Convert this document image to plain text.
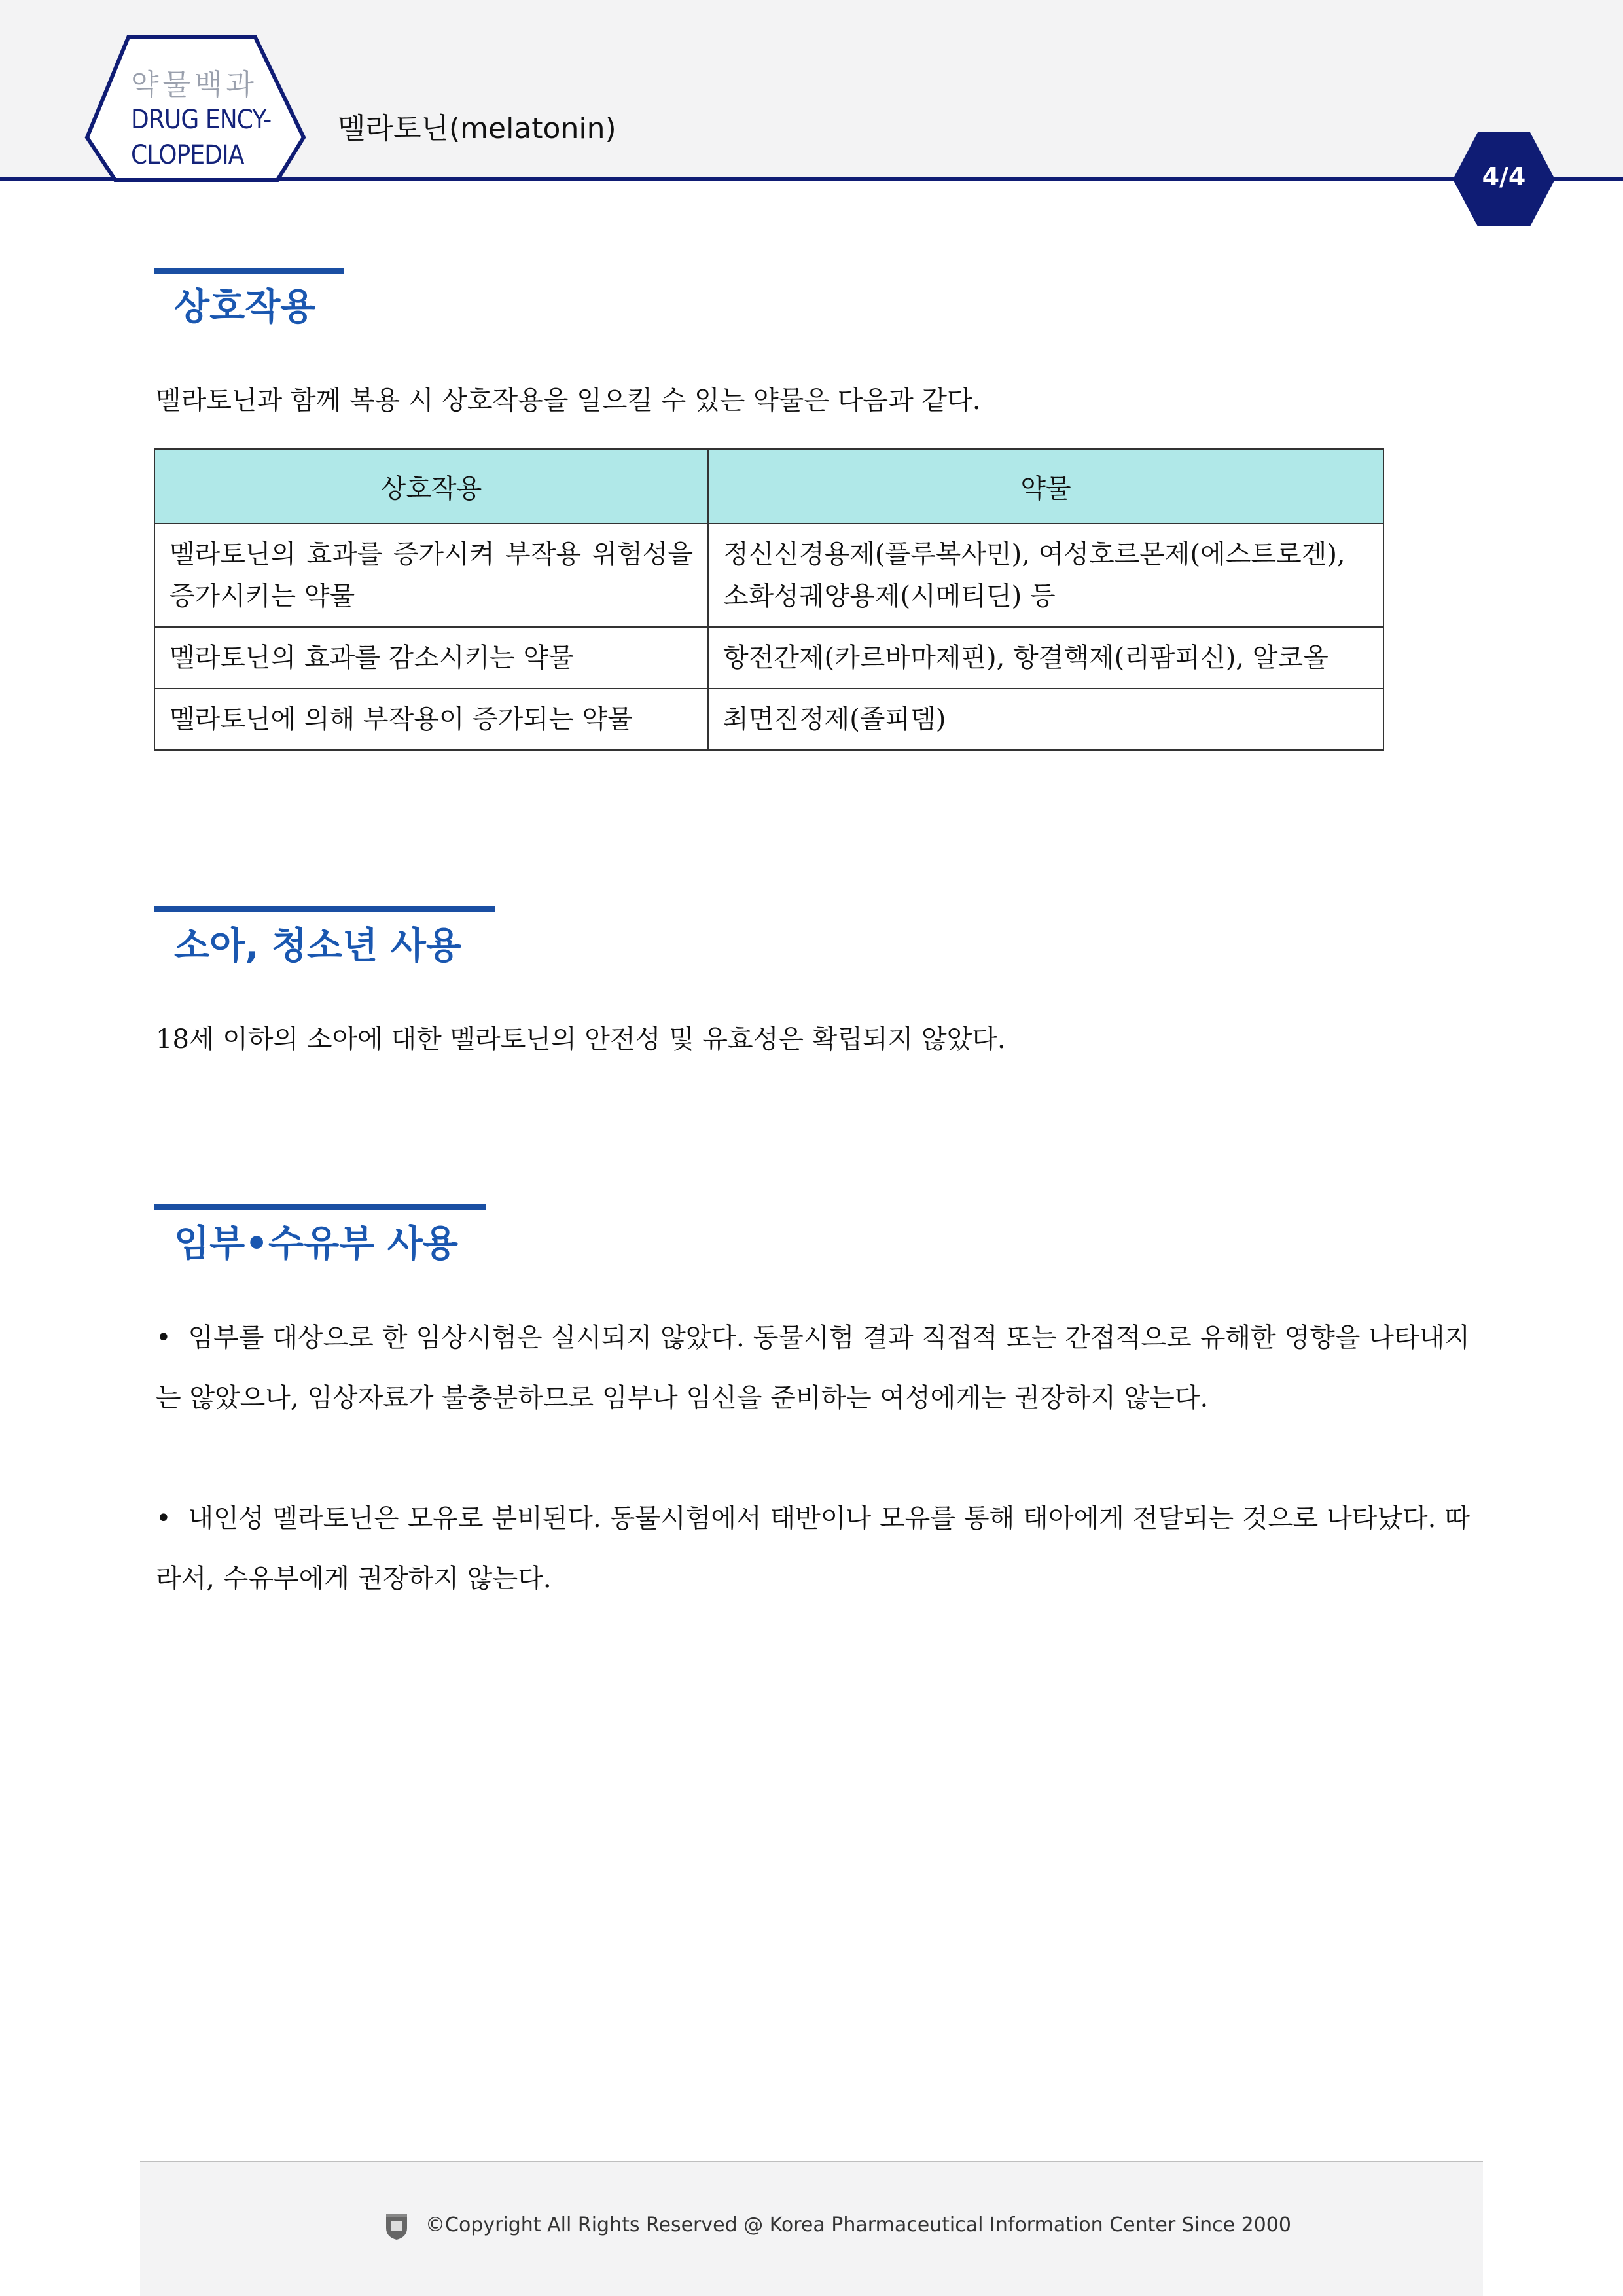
약물백과
DRUG ENCY-
CLOPEDIA
멜라토닌(melatonin)
4/4
상호작용
멜라토닌과 함께 복용 시 상호작용을 일으킬 수 있는 약물은 다음과 같다.
상호작용	약물
멜라토닌의 효과를 증가시켜 부작용 위험성을 증가시키는 약물	정신신경용제(플루복사민), 여성호르몬제(에스트로겐), 소화성궤양용제(시메티딘) 등
멜라토닌의 효과를 감소시키는 약물	항전간제(카르바마제핀), 항결핵제(리팜피신), 알코올
멜라토닌에 의해 부작용이 증가되는 약물	최면진정제(졸피뎀)
소아, 청소년 사용
18세 이하의 소아에 대한 멜라토닌의 안전성 및 유효성은 확립되지 않았다.
임부•수유부 사용
•  임부를 대상으로 한 임상시험은 실시되지 않았다. 동물시험 결과 직접적 또는 간접적으로 유해한 영향을 나타내지는 않았으나, 임상자료가 불충분하므로 임부나 임신을 준비하는 여성에게는 권장하지 않는다.
•  내인성 멜라토닌은 모유로 분비된다. 동물시험에서 태반이나 모유를 통해 태아에게 전달되는 것으로 나타났다. 따라서, 수유부에게 권장하지 않는다.
©Copyright All Rights Reserved @ Korea Pharmaceutical Information Center Since 2000
